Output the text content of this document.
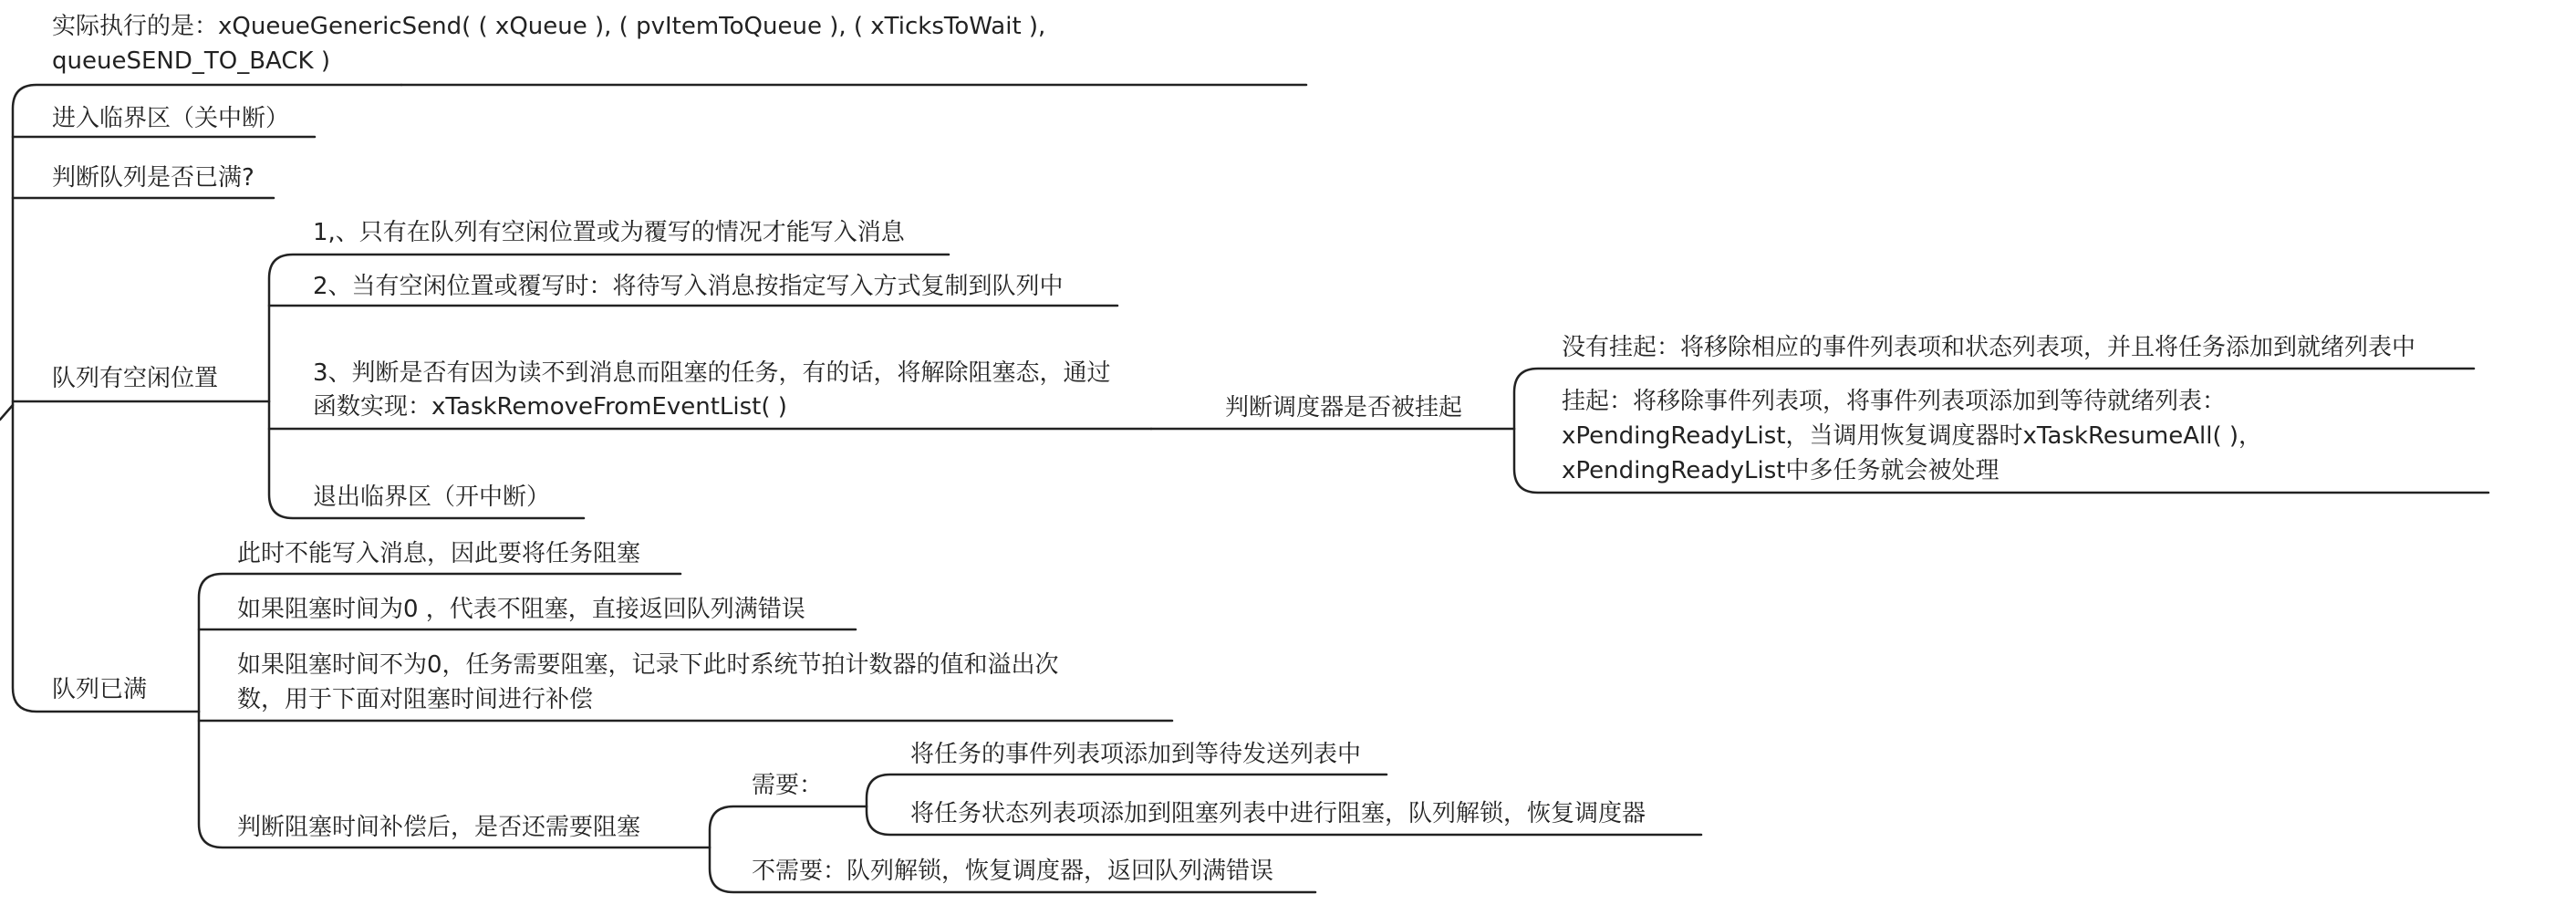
实际执行的是：xQueueGenericSend( ( xQueue ), ( pvItemToQueue ), ( xTicksToWait ),
queueSEND_TO_BACK )
进入临界区（关中断）
判断队列是否已满?
队列有空闲位置
1,、只有在队列有空闲位置或为覆写的情况才能写入消息
2、当有空闲位置或覆写时：将待写入消息按指定写入方式复制到队列中
3、判断是否有因为读不到消息而阻塞的任务，有的话，将解除阻塞态，通过
函数实现：xTaskRemoveFromEventList( )
退出临界区（开中断）
判断调度器是否被挂起
没有挂起：将移除相应的事件列表项和状态列表项，并且将任务添加到就绪列表中
挂起：将移除事件列表项，将事件列表项添加到等待就绪列表：
xPendingReadyList，当调用恢复调度器时xTaskResumeAll( )，
xPendingReadyList中多任务就会被处理
队列已满
此时不能写入消息，因此要将任务阻塞
如果阻塞时间为0 ，代表不阻塞，直接返回队列满错误
如果阻塞时间不为0，任务需要阻塞，记录下此时系统节拍计数器的值和溢出次
数，用于下面对阻塞时间进行补偿
判断阻塞时间补偿后，是否还需要阻塞
需要：
将任务的事件列表项添加到等待发送列表中
将任务状态列表项添加到阻塞列表中进行阻塞，队列解锁，恢复调度器
不需要：队列解锁，恢复调度器，返回队列满错误
